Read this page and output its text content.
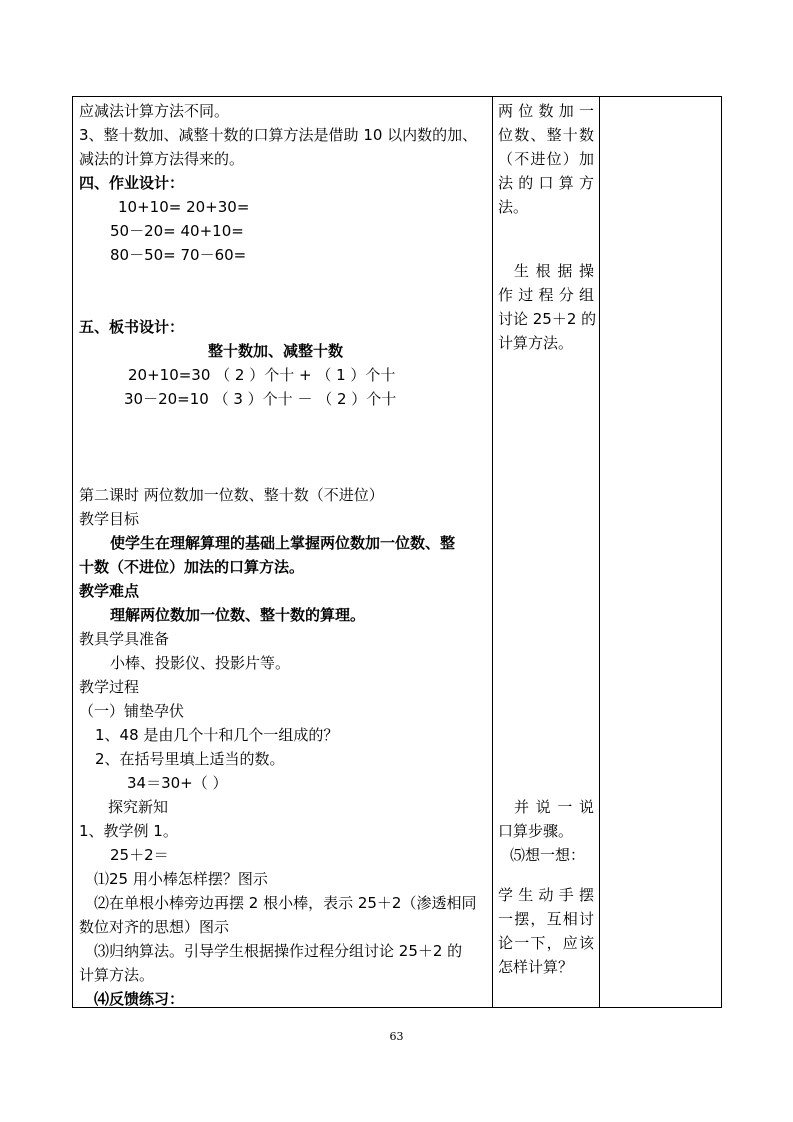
应减法计算方法不同。
3、整十数加、减整十数的口算方法是借助 10 以内数的加、
减法的计算方法得来的。
四、作业设计：
10+10= 20+30=
50－20= 40+10=
80－50= 70－60=
五、板书设计：
整十数加、减整十数
20+10=30 （ 2 ）个十 + （ 1 ）个十
30－20=10 （ 3 ）个十 － （ 2 ）个十
第二课时 两位数加一位数、整十数（不进位）
教学目标
使学生在理解算理的基础上掌握两位数加一位数、整
十数（不进位）加法的口算方法。
教学难点
理解两位数加一位数、整十数的算理。
教具学具准备
小棒、投影仪、投影片等。
教学过程
（一）铺垫孕伏
1、48 是由几个十和几个一组成的？
2、在括号里填上适当的数。
34＝30+（ ）
探究新知
1、教学例 1。
25＋2＝
⑴25 用小棒怎样摆？图示
⑵在单根小棒旁边再摆 2 根小棒，表示 25＋2（渗透相同
数位对齐的思想）图示
⑶归纳算法。引导学生根据操作过程分组讨论 25＋2 的
计算方法。
⑷反馈练习：
两位数加一
位数、整十数
（不进位）加
法的口算方
法。
生根据操
作过程分组
讨论 25＋2 的
计算方法。
并说一说
口算步骤。
⑸想一想：
学生动手摆
一摆，互相讨
论一下，应该
怎样计算？
63
